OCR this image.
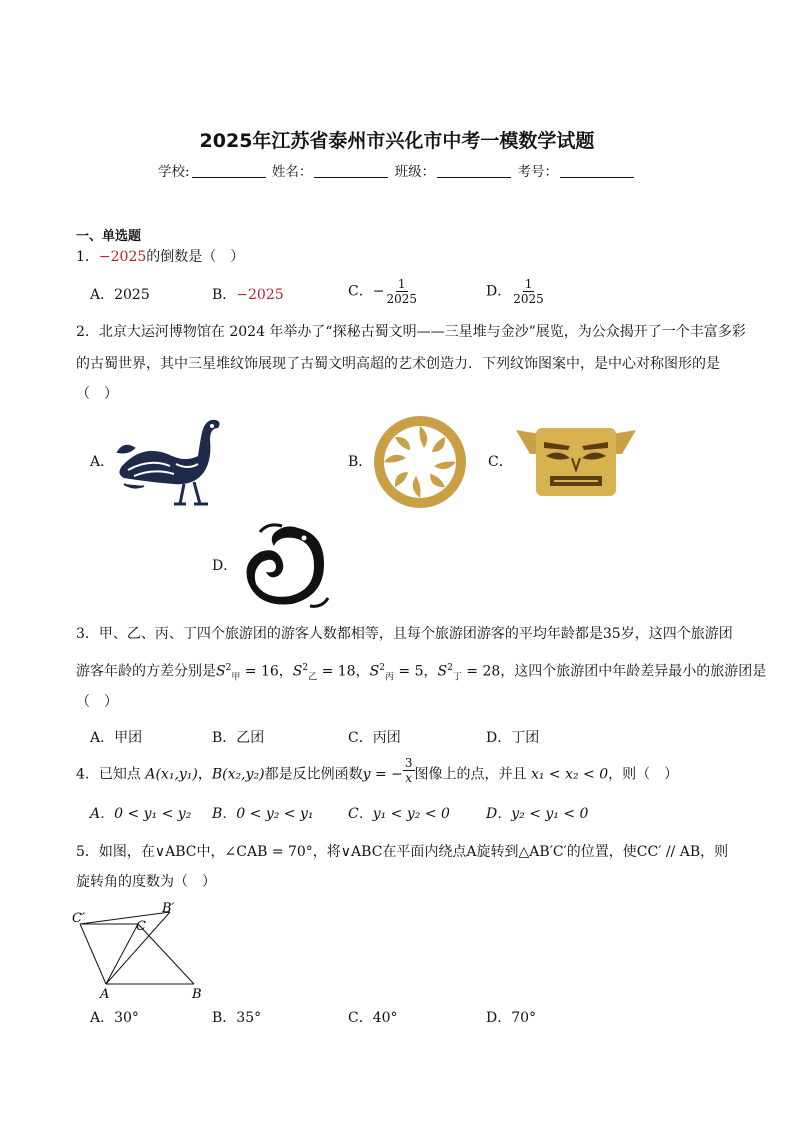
2025年江苏省泰州市兴化市中考一模数学试题
学校:	姓名：	班级：	考号：
一、单选题
1．−2025的倒数是（　）
A．2025	B．−2025	C．− $\frac{1}{2025}$	D． $\frac{1}{2025}$
2．北京大运河博物馆在 2024 年举办了“探秘古蜀文明——三星堆与金沙”展览，为公众揭开了一个丰富多彩
的古蜀世界，其中三星堆纹饰展现了古蜀文明高超的艺术创造力．下列纹饰图案中，是中心对称图形的是
（　）
A．	B．	C．
D．
3．甲、乙、丙、丁四个旅游团的游客人数都相等，且每个旅游团游客的平均年龄都是35岁，这四个旅游团
游客年龄的方差分别是$S^2_甲 = 16$，$S^2_乙 = 18$，$S^2_丙 = 5$，$S^2_丁 = 28$，这四个旅游团中年龄差异最小的旅游团是
（　）
A．甲团	B．乙团	C．丙团	D．丁团
4．已知点 A(x₁,y₁)，B(x₂,y₂)都是反比例函数y = − $\frac{3}{x}$ 图像上的点，并且 x₁ < x₂ < 0，则（　）
A．0 < y₁ < y₂ B．0 < y₂ < y₁ C．y₁ < y₂ < 0	D．y₂ < y₁ < 0
5．如图，在∨ABC中，∠CAB = 70°，将∨ABC在平面内绕点A旋转到△AB′C′的位置，使CC′ // AB，则
旋转角的度数为（　）
A	B
C
B′
C′
A．30°	B．35°	C．40°	D．70°
